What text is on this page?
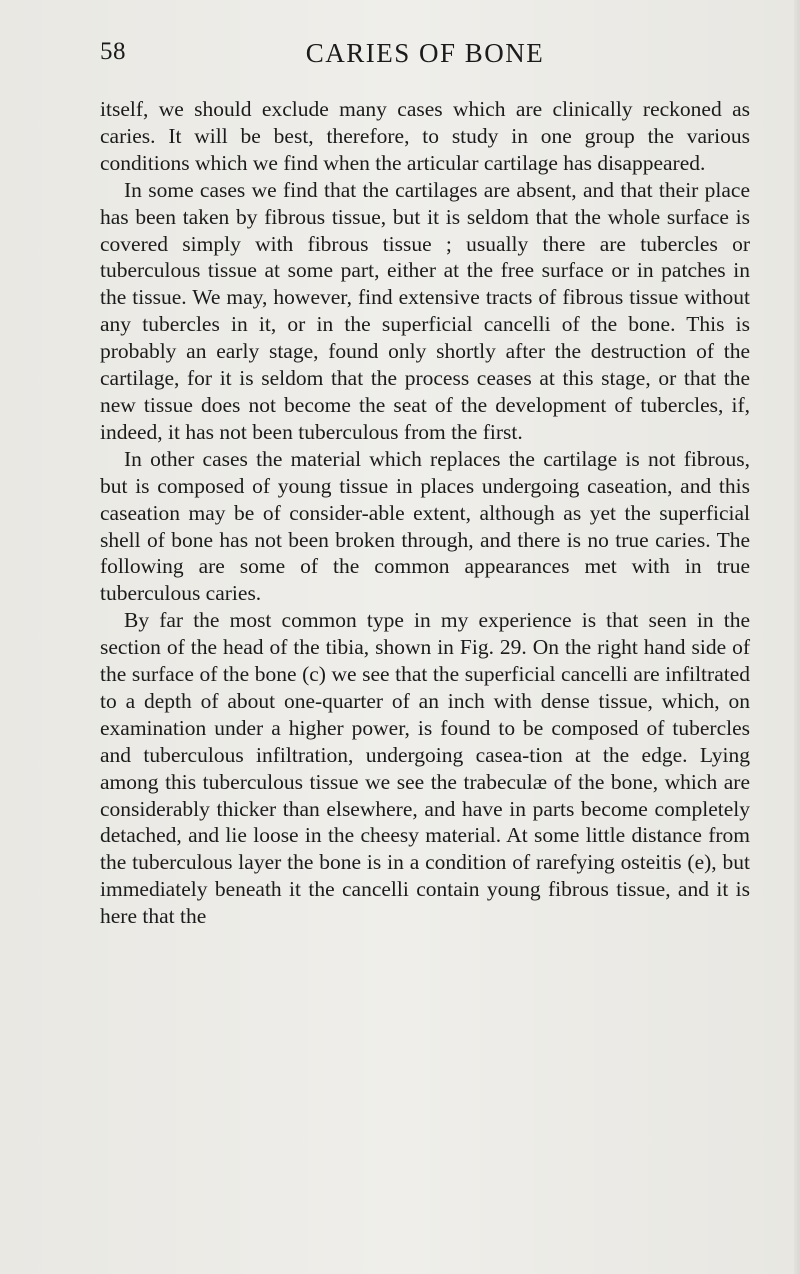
58	CARIES OF BONE

itself, we should exclude many cases which are clinically reckoned as caries. It will be best, therefore, to study in one group the various conditions which we find when the articular cartilage has disappeared.

In some cases we find that the cartilages are absent, and that their place has been taken by fibrous tissue, but it is seldom that the whole surface is covered simply with fibrous tissue ; usually there are tubercles or tuberculous tissue at some part, either at the free surface or in patches in the tissue. We may, however, find extensive tracts of fibrous tissue without any tubercles in it, or in the superficial cancelli of the bone. This is probably an early stage, found only shortly after the destruction of the cartilage, for it is seldom that the process ceases at this stage, or that the new tissue does not become the seat of the development of tubercles, if, indeed, it has not been tuberculous from the first.

In other cases the material which replaces the cartilage is not fibrous, but is composed of young tissue in places undergoing caseation, and this caseation may be of consider-able extent, although as yet the superficial shell of bone has not been broken through, and there is no true caries. The following are some of the common appearances met with in true tuberculous caries.

By far the most common type in my experience is that seen in the section of the head of the tibia, shown in Fig. 29. On the right hand side of the surface of the bone (c) we see that the superficial cancelli are infiltrated to a depth of about one-quarter of an inch with dense tissue, which, on examination under a higher power, is found to be composed of tubercles and tuberculous infiltration, undergoing casea-tion at the edge. Lying among this tuberculous tissue we see the trabeculæ of the bone, which are considerably thicker than elsewhere, and have in parts become completely detached, and lie loose in the cheesy material. At some little distance from the tuberculous layer the bone is in a condition of rarefying osteitis (e), but immediately beneath it the cancelli contain young fibrous tissue, and it is here that the
